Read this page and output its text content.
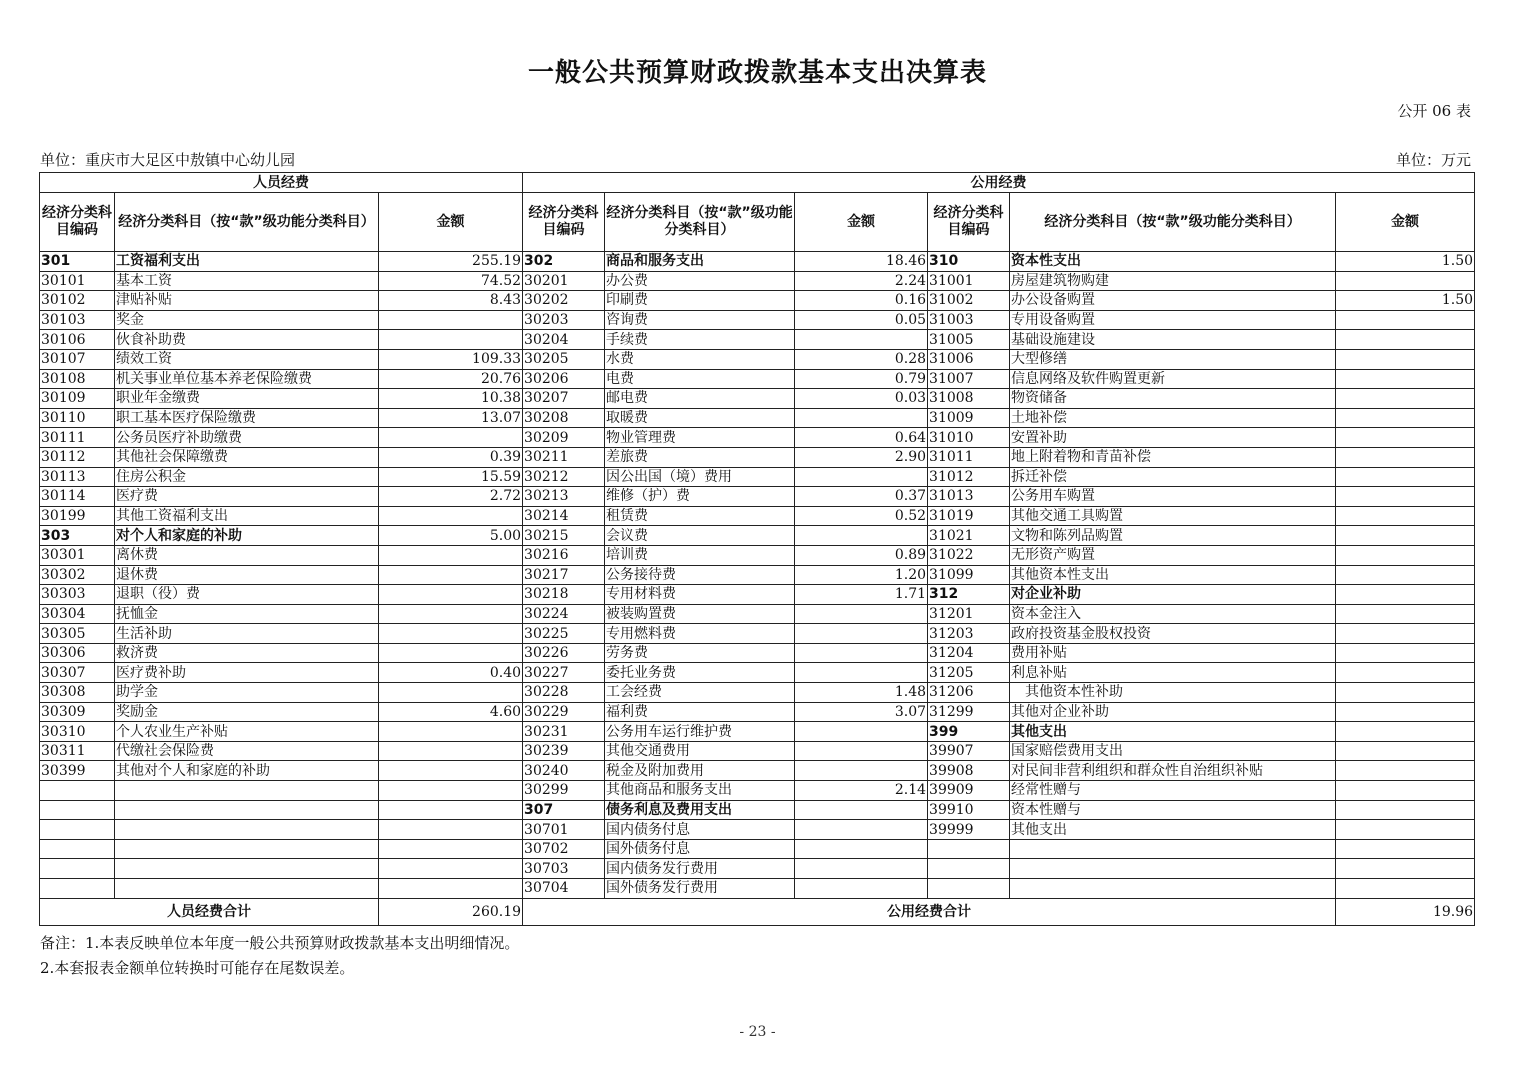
一般公共预算财政拨款基本支出决算表
公开 06 表
单位：重庆市大足区中敖镇中心幼儿园	单位：万元
人员经费			公用经费					
经济分类科目编码	经济分类科目（按“款”级功能分类科目）	金额	经济分类科目编码	经济分类科目（按“款”级功能分类科目）	金额	经济分类科目编码	经济分类科目（按“款”级功能分类科目）	金额
301	工资福利支出	255.19	302	商品和服务支出	18.46	310	资本性支出	1.50
30101	基本工资	74.52	30201	办公费	2.24	31001	房屋建筑物购建	
30102	津贴补贴	8.43	30202	印刷费	0.16	31002	办公设备购置	1.50
30103	奖金		30203	咨询费	0.05	31003	专用设备购置	
30106	伙食补助费		30204	手续费		31005	基础设施建设	
30107	绩效工资	109.33	30205	水费	0.28	31006	大型修缮	
30108	机关事业单位基本养老保险缴费	20.76	30206	电费	0.79	31007	信息网络及软件购置更新	
30109	职业年金缴费	10.38	30207	邮电费	0.03	31008	物资储备	
30110	职工基本医疗保险缴费	13.07	30208	取暖费		31009	土地补偿	
30111	公务员医疗补助缴费		30209	物业管理费	0.64	31010	安置补助	
30112	其他社会保障缴费	0.39	30211	差旅费	2.90	31011	地上附着物和青苗补偿	
30113	住房公积金	15.59	30212	因公出国（境）费用		31012	拆迁补偿	
30114	医疗费	2.72	30213	维修（护）费	0.37	31013	公务用车购置	
30199	其他工资福利支出		30214	租赁费	0.52	31019	其他交通工具购置	
303	对个人和家庭的补助	5.00	30215	会议费		31021	文物和陈列品购置	
30301	离休费		30216	培训费	0.89	31022	无形资产购置	
30302	退休费		30217	公务接待费	1.20	31099	其他资本性支出	
30303	退职（役）费		30218	专用材料费	1.71	312	对企业补助	
30304	抚恤金		30224	被装购置费		31201	资本金注入	
30305	生活补助		30225	专用燃料费		31203	政府投资基金股权投资	
30306	救济费		30226	劳务费		31204	费用补贴	
30307	医疗费补助	0.40	30227	委托业务费		31205	利息补贴	
30308	助学金		30228	工会经费	1.48	31206	　其他资本性补助	
30309	奖励金	4.60	30229	福利费	3.07	31299	其他对企业补助	
30310	个人农业生产补贴		30231	公务用车运行维护费		399	其他支出	
30311	代缴社会保险费		30239	其他交通费用		39907	国家赔偿费用支出	
30399	其他对个人和家庭的补助		30240	税金及附加费用		39908	对民间非营利组织和群众性自治组织补贴	
			30299	其他商品和服务支出	2.14	39909	经常性赠与	
			307	债务利息及费用支出		39910	资本性赠与	
			30701	国内债务付息		39999	其他支出	
			30702	国外债务付息				
			30703	国内债务发行费用				
			30704	国外债务发行费用				
人员经费合计		260.19	公用经费合计					19.96
备注：1.本表反映单位本年度一般公共预算财政拨款基本支出明细情况。
2.本套报表金额单位转换时可能存在尾数误差。
- 23 -
